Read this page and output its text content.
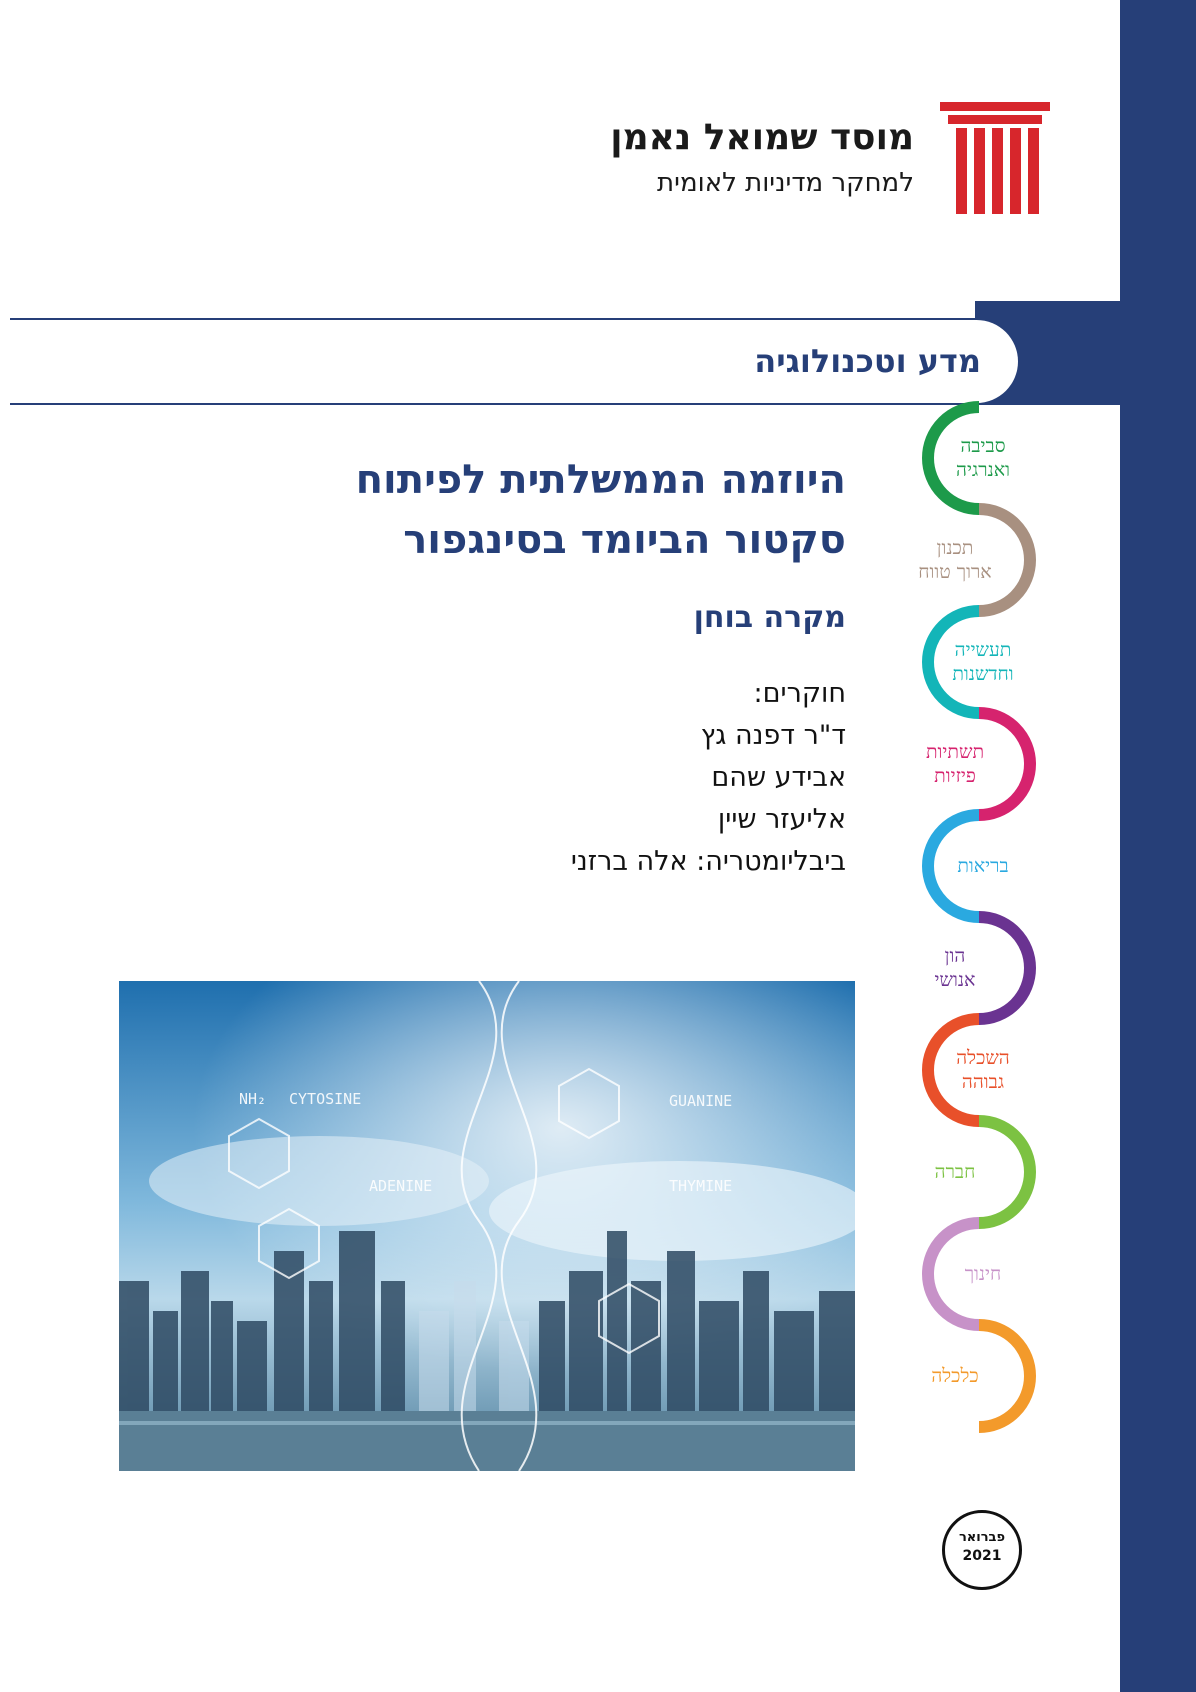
מוסד שמואל נאמן
למחקר מדיניות לאומית
מדע וטכנולוגיה
היוזמה הממשלתית לפיתוח
סקטור הביומד בסינגפור
מקרה בוחן
חוקרים:
ד"ר דפנה גץ
אבידע שהם
אליעזר שיין
ביבליומטריה: אלה ברזני
NH₂ CYTOSINE
ADENINE
GUANINE
THYMINE
סביבה
ואנרגיה
תכנון
ארוך טווח
תעשייה
וחדשנות
תשתיות
פיזיות
בריאות
הון
אנושי
השכלה
גבוהה
חברה
חינוך
כלכלה
פברואר
2021
